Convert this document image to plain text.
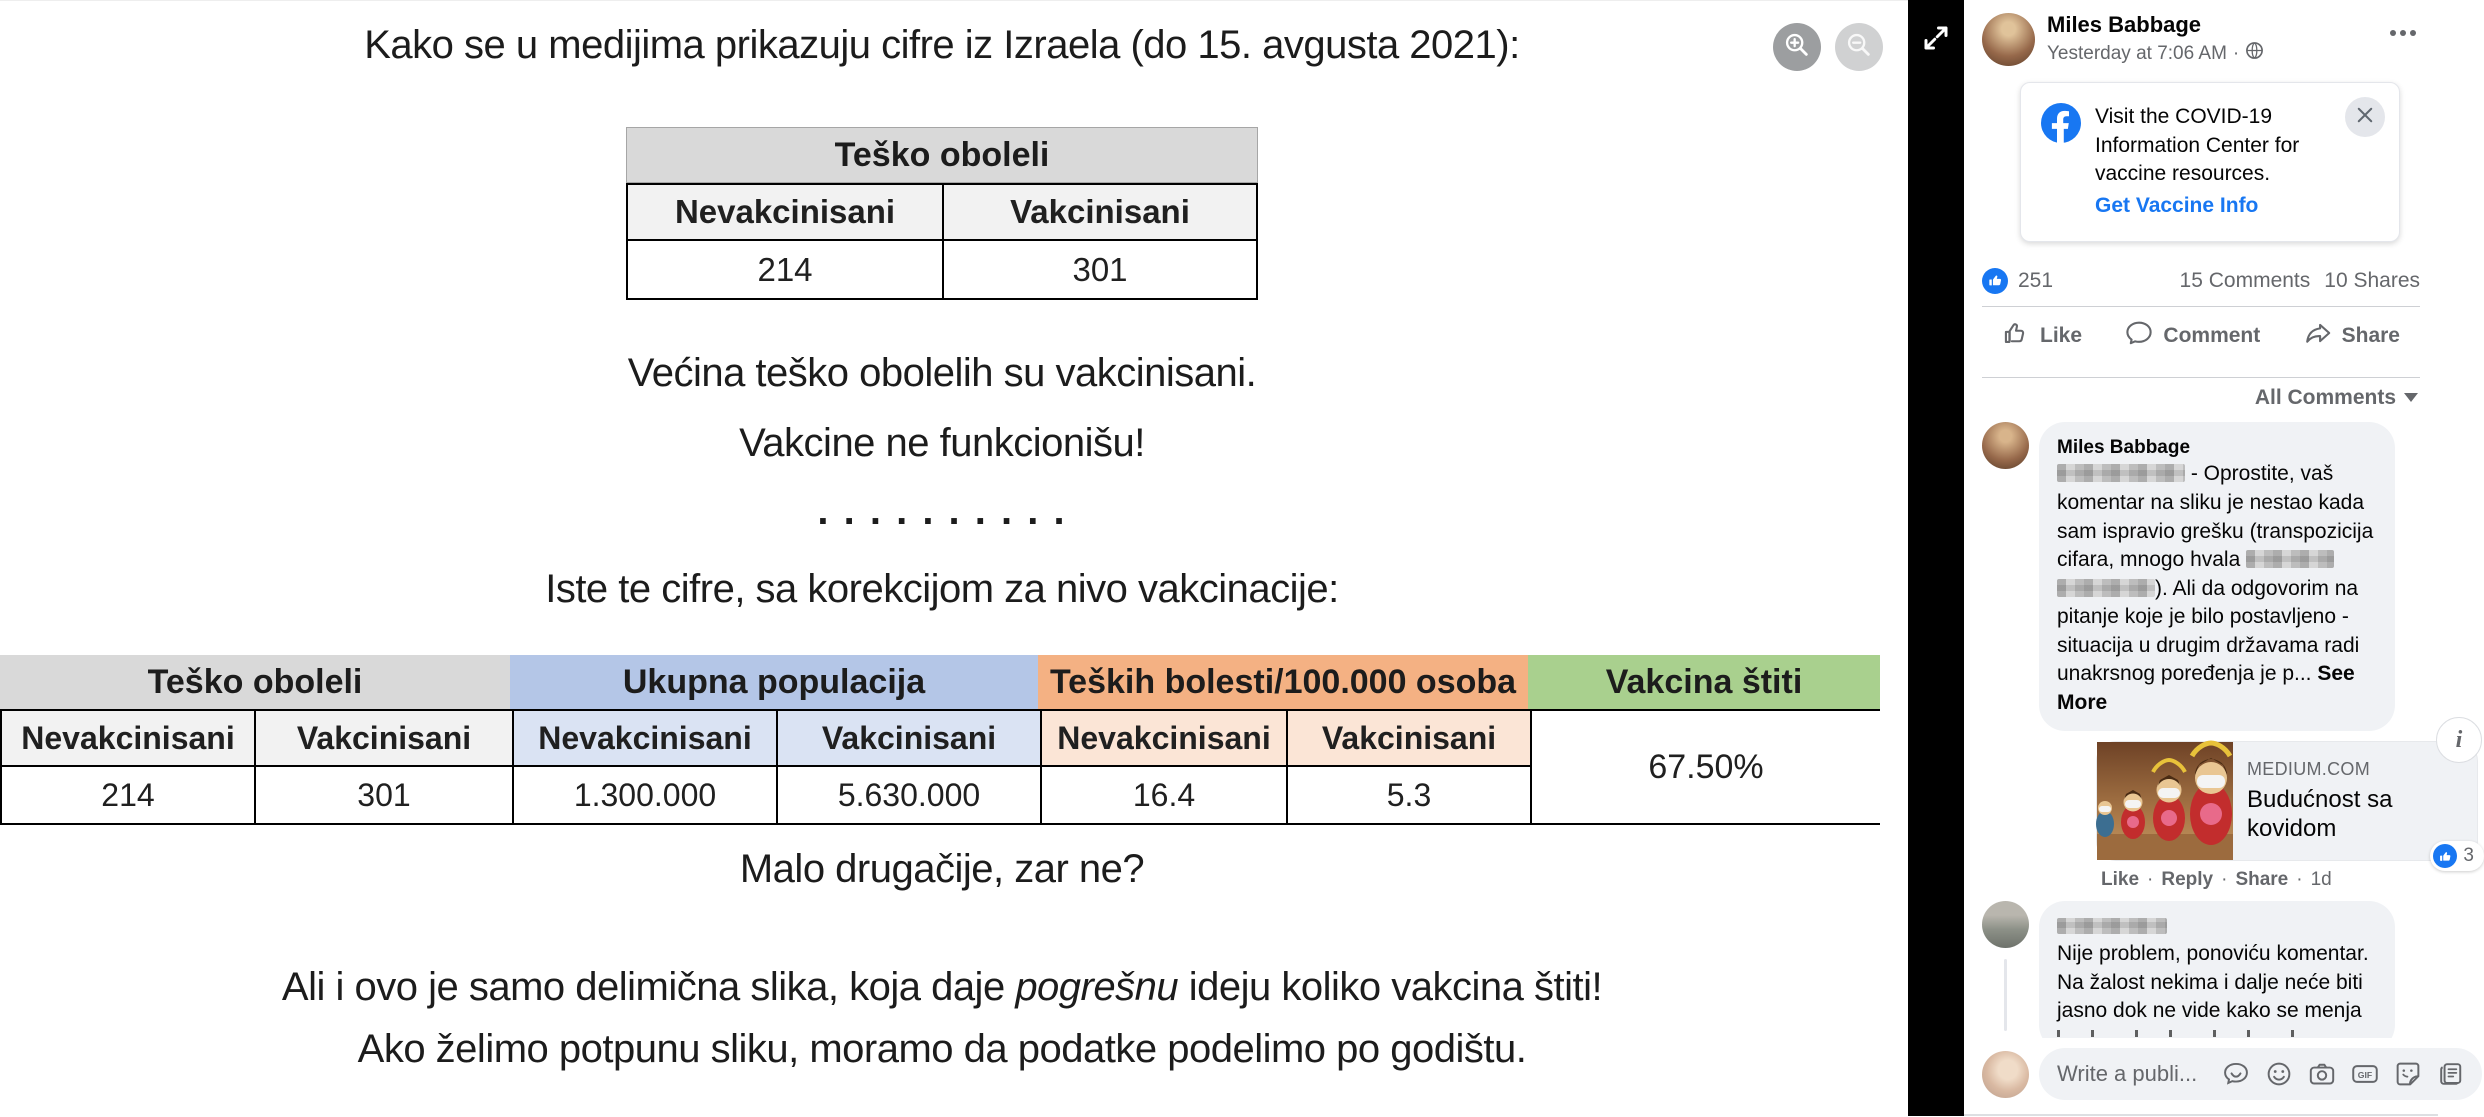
Kako se u medijima prikazuju cifre iz Izraela (do 15. avgusta 2021):
Teško oboleli
Nevakcinisani	Vakcinisani
214	301
Većina teško obolelih su vakcinisani.
Vakcine ne funkcionišu!
. . . . . . . . . .
Iste te cifre, sa korekcijom za nivo vakcinacije:
Teško oboleli	Ukupna populacija	Teških bolesti/100.000 osoba	Vakcina štiti
Nevakcinisani	Vakcinisani	Nevakcinisani	Vakcinisani	Nevakcinisani	Vakcinisani
67.50%
214	301	1.300.000	5.630.000	16.4	5.3
Malo drugačije, zar ne?
Ali i ovo je samo delimična slika, koja daje pogrešnu ideju koliko vakcina štiti!
Ako želimo potpunu sliku, moramo da podatke podelimo po godištu.
Miles Babbage
Yesterday at 7:06 AM ·
Visit the COVID-19 Information Center for vaccine resources.
Get Vaccine Info
251	15 Comments 10 Shares
Like	Comment	Share
All Comments
Miles Babbage
- Oprostite, vaš komentar na sliku je nestao kada sam ispravio grešku (transpozicija cifara, mnogo hvala  ). Ali da odgovorim na pitanje koje je bilo postavljeno - situacija u drugim državama radi unakrsnog poređenja je p... See More
MEDIUM.COM
Budućnost sa kovidom
i
3
Like · Reply · Share · 1d
Nije problem, ponoviću komentar. Na žalost nekima i dalje neće biti jasno dok ne vide kako se menja
Write a publi...
GIF
